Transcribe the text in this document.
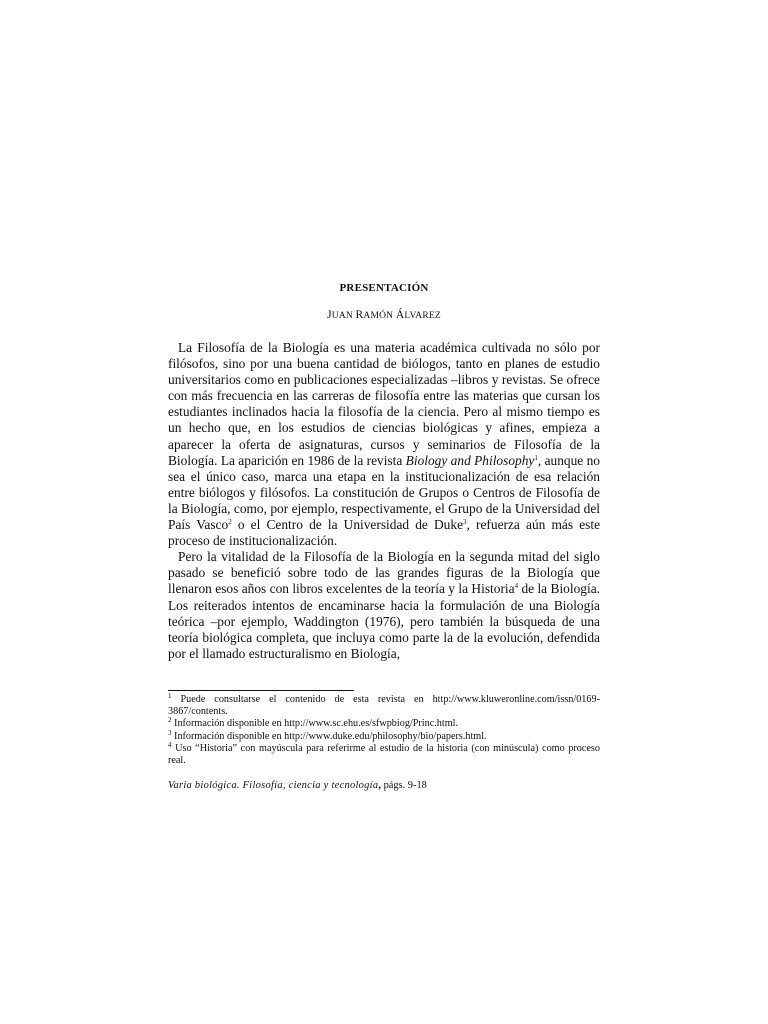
PRESENTACIÓN
JUAN RAMÓN ÁLVAREZ

La Filosofía de la Biología es una materia académica cultivada no sólo por filósofos, sino por una buena cantidad de biólogos, tanto en planes de estudio universitarios como en publicaciones especializadas –libros y revistas. Se ofrece con más frecuencia en las carreras de filosofía entre las materias que cursan los estudiantes inclinados hacia la filosofía de la ciencia. Pero al mismo tiempo es un hecho que, en los estudios de ciencias biológicas y afines, empieza a aparecer la oferta de asignaturas, cursos y seminarios de Filosofía de la Biología. La aparición en 1986 de la revista Biology and Philosophy$^1$, aunque no sea el único caso, marca una etapa en la institucionalización de esa relación entre biólogos y filósofos. La constitución de Grupos o Centros de Filosofía de la Biología, como, por ejemplo, respectivamente, el Grupo de la Universidad del País Vasco$^2$ o el Centro de la Universidad de Duke$^3$, refuerza aún más este proceso de institucionalización.

Pero la vitalidad de la Filosofía de la Biología en la segunda mitad del siglo pasado se benefició sobre todo de las grandes figuras de la Biología que llenaron esos años con libros excelentes de la teoría y la Historia$^4$ de la Biología. Los reiterados intentos de encaminarse hacia la formulación de una Biología teórica –por ejemplo, Waddington (1976), pero también la búsqueda de una teoría biológica completa, que incluya como parte la de la evolución, defendida por el llamado estructuralismo en Biología,

$^1$ Puede consultarse el contenido de esta revista en http://www.kluweronline.com/issn/0169-3867/contents.

$^2$ Información disponible en http://www.sc.ehu.es/sfwpbiog/Princ.html.

$^3$ Información disponible en http://www.duke.edu/philosophy/bio/papers.html.

$^4$ Uso “Historia” con mayúscula para referirme al estudio de la historia (con minúscula) como proceso real.

Varia biológica. Filosofía, ciencia y tecnología, págs. 9-18
